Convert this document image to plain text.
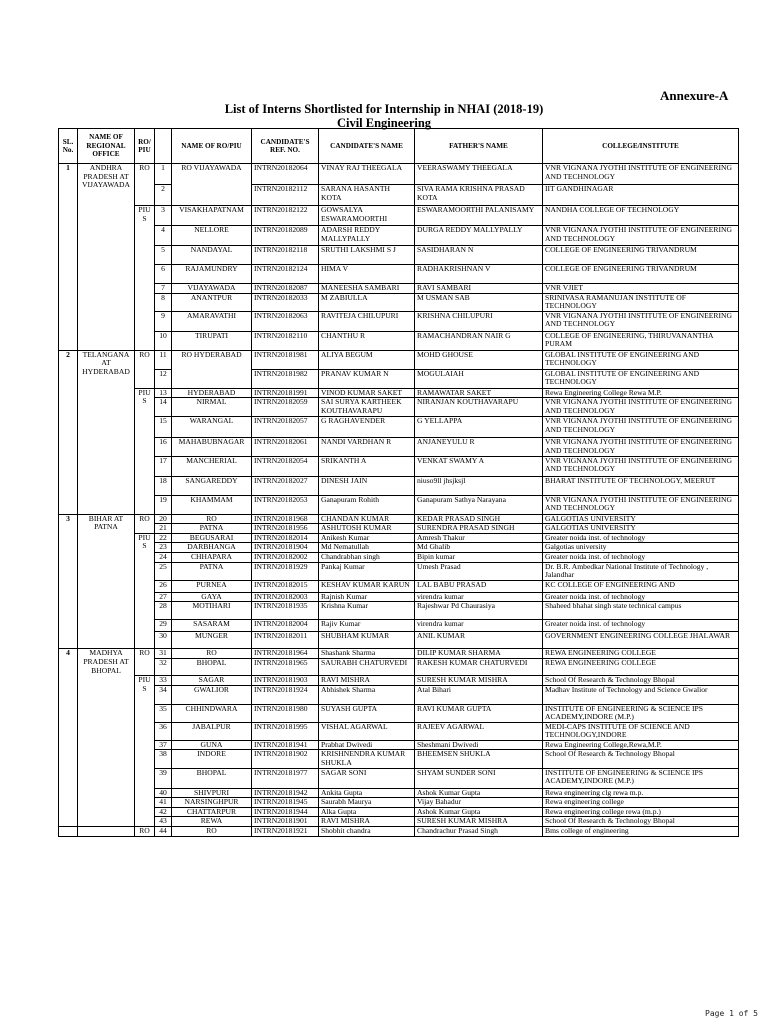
Annexure-A
List of Interns Shortlisted for Internship in NHAI (2018-19)
Civil Engineering
SL. No.	NAME OF REGIONAL OFFICE	RO/ PIU		NAME OF RO/PIU	CANDIDATE'S REF. NO.	CANDIDATE'S NAME	FATHER'S NAME	COLLEGE/INSTITUTE
1	ANDHRA PRADESH AT VIJAYAWADA	RO	1	RO VIJAYAWADA	INTRN20182064	VINAY RAJ THEEGALA	VEERASWAMY THEEGALA	VNR VIGNANA JYOTHI INSTITUTE OF ENGINEERING AND TECHNOLOGY
			2		INTRN20182112	SARANA HASANTH KOTA	SIVA RAMA KRISHNA PRASAD KOTA	IIT GANDHINAGAR
		PIU S	3	VISAKHAPATNAM	INTRN20182122	GOWSALYA ESWARAMOORTHI	ESWARAMOORTHI PALANISAMY	NANDHA COLLEGE OF TECHNOLOGY
			4	NELLORE	INTRN20182089	ADARSH REDDY MALLYPALLY	DURGA REDDY MALLYPALLY	VNR VIGNANA JYOTHI INSTITUTE OF ENGINEERING AND TECHNOLOGY
			5	NANDAYAL	INTRN20182118	SRUTHI LAKSHMI S J	SASIDHARAN N	COLLEGE OF ENGINEERING TRIVANDRUM
			6	RAJAMUNDRY	INTRN20182124	HIMA V	RADHAKRISHNAN V	COLLEGE OF ENGINEERING TRIVANDRUM
			7	VIJAYAWADA	INTRN20182087	MANEESHA SAMBARI	RAVI SAMBARI	VNR VJIET
			8	ANANTPUR	INTRN20182033	M ZABIULLA	M USMAN SAB	SRINIVASA RAMANUJAN INSTITUTE OF TECHNOLOGY
			9	AMARAVATHI	INTRN20182063	RAVITEJA CHILUPURI	KRISHNA CHILUPURI	VNR VIGNANA JYOTHI INSTITUTE OF ENGINEERING AND TECHNOLOGY
			10	TIRUPATI	INTRN20182110	CHANTHU R	RAMACHANDRAN NAIR G	COLLEGE OF ENGINEERING, THIRUVANANTHA PURAM
2	TELANGANA AT HYDERABAD	RO	11	RO HYDERABAD	INTRN20181981	ALIYA BEGUM	MOHD GHOUSE	GLOBAL INSTITUTE OF ENGINEERING AND TECHNOLOGY
			12		INTRN20181982	PRANAV KUMAR N	MOGULAIAH	GLOBAL INSTITUTE OF ENGINEERING AND TECHNOLOGY
		PIU S	13	HYDERABAD	INTRN20181991	VINOD KUMAR SAKET	RAMAWATAR SAKET	Rewa Engineering College Rewa M.P.
			14	NIRMAL	INTRN20182059	SAI SURYA KARTHEEK KOUTHAVARAPU	NIRANJAN KOUTHAVARAPU	VNR VIGNANA JYOTHI INSTITUTE OF ENGINEERING AND TECHNOLOGY
			15	WARANGAL	INTRN20182057	G RAGHAVENDER	G YELLAPPA	VNR VIGNANA JYOTHI INSTITUTE OF ENGINEERING AND TECHNOLOGY
			16	MAHABUBNAGAR	INTRN20182061	NANDI VARDHAN R	ANJANEYULU R	VNR VIGNANA JYOTHI INSTITUTE OF ENGINEERING AND TECHNOLOGY
			17	MANCHERIAL	INTRN20182054	SRIKANTH A	VENKAT SWAMY A	VNR VIGNANA JYOTHI INSTITUTE OF ENGINEERING AND TECHNOLOGY
			18	SANGAREDDY	INTRN20182027	DINESH JAIN	niuso9ll jhsjksjl	BHARAT INSTITUTE OF TECHNOLOGY, MEERUT
			19	KHAMMAM	INTRN20182053	Ganapuram Rohith	Ganapuram Sathya Narayana	VNR VIGNANA JYOTHI INSTITUTE OF ENGINEERING AND TECHNOLOGY
3	BIHAR AT PATNA	RO	20	RO	INTRN20181968	CHANDAN KUMAR	KEDAR PRASAD SINGH	GALGOTIAS UNIVERSITY
			21	PATNA	INTRN20181956	ASHUTOSH KUMAR	SURENDRA PRASAD SINGH	GALGOTIAS UNIVERSITY
		PIU S	22	BEGUSARAI	INTRN20182014	Anikesh Kumar	Amresh Thakur	Greater noida inst. of technology
			23	DARBHANGA	INTRN20181904	Md Nematullah	Md Ghalib	Galgotias university
			24	CHHAPARA	INTRN20182002	Chandrabhan singh	Bipin kumar	Greater noida inst. of technology
			25	PATNA	INTRN20181929	Pankaj Kumar	Umesh Prasad	Dr. B.R. Ambedkar National Institute of Technology , Jalandhar
			26	PURNEA	INTRN20182015	KESHAV KUMAR KARUN	LAL BABU PRASAD	KC COLLEGE OF ENGINEERING AND
			27	GAYA	INTRN20182003	Rajnish Kumar	virendra kumar	Greater noida inst. of technology
			28	MOTIHARI	INTRN20181935	Krishna Kumar	Rajeshwar Pd Chaurasiya	Shaheed bhahat singh state technical campus
			29	SASARAM	INTRN20182004	Rajiv Kumar	virendra kumar	Greater noida inst. of technology
			30	MUNGER	INTRN20182011	SHUBHAM KUMAR	ANIL KUMAR	GOVERNMENT ENGINEERING COLLEGE JHALAWAR
4	MADHYA PRADESH AT BHOPAL	RO	31	RO	INTRN20181964	Shashank Sharma	DILIP KUMAR SHARMA	REWA ENGINEERING COLLEGE
			32	BHOPAL	INTRN20181965	SAURABH CHATURVEDI	RAKESH KUMAR CHATURVEDI	REWA ENGINEERING COLLEGE
		PIU S	33	SAGAR	INTRN20181903	RAVI MISHRA	SURESH KUMAR MISHRA	School Of Research & Technology Bhopal
			34	GWALIOR	INTRN20181924	Abhishek Sharma	Atal Bihari	Madhav Institute of Technology and Science Gwalior
			35	CHHINDWARA	INTRN20181980	SUYASH GUPTA	RAVI KUMAR GUPTA	INSTITUTE OF ENGINEERING & SCIENCE IPS ACADEMY,INDORE (M.P.)
			36	JABALPUR	INTRN20181995	VISHAL AGARWAL	RAJEEV AGARWAL	MEDI-CAPS INSTITUTE OF SCIENCE AND TECHNOLOGY,INDORE
			37	GUNA	INTRN20181941	Prabhat Dwivedi	Sheshmani Dwivedi	Rewa Engineering College,Rewa,M.P.
			38	INDORE	INTRN20181902	KRISHNENDRA KUMAR SHUKLA	BHEEMSEN SHUKLA	School Of Research & Technology Bhopal
			39	BHOPAL	INTRN20181977	SAGAR SONI	SHYAM SUNDER SONI	INSTITUTE OF ENGINEERING & SCIENCE IPS ACADEMY,INDORE (M.P.)
			40	SHIVPURI	INTRN20181942	Ankita Gupta	Ashok Kumar Gupta	Rewa engineering clg rewa m.p.
			41	NARSINGHPUR	INTRN20181945	Saurabh Maurya	Vijay Bahadur	Rewa engineering college
			42	CHATTARPUR	INTRN20181944	Alka Gupta	Ashok Kumar Gupta	Rewa engineering college rewa (m.p.)
			43	REWA	INTRN20181901	RAVI MISHRA	SURESH KUMAR MISHRA	School Of Research & Technology Bhopal
		RO	44	RO	INTRN20181921	Shobhit chandra	Chandrachur Prasad Singh	Bms college of engineering
Page 1 of 5
